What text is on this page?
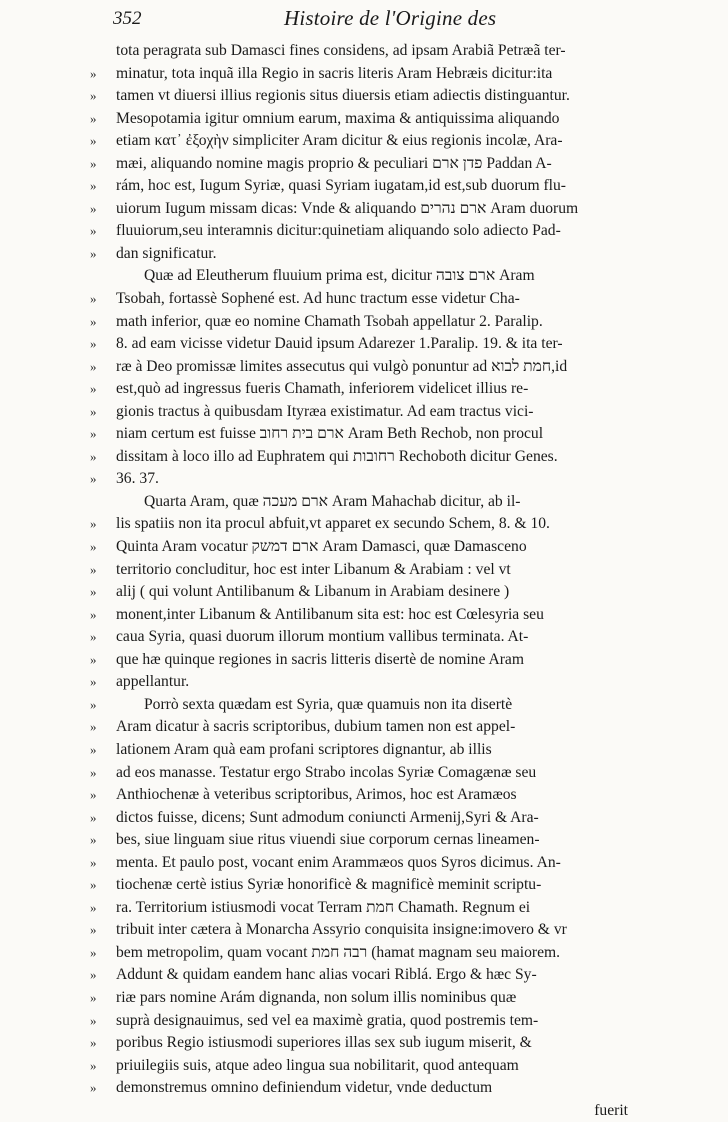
352	Histoire de l'Origine des
tota peragrata sub Damasci fines considens, ad ipsam Arabiã Petræã ter-
»	minatur, tota inquã illa Regio in sacris literis Aram Hebræis dicitur:ita
»	tamen vt diuersi illius regionis situs diuersis etiam adiectis distinguantur.
»	Mesopotamia igitur omnium earum, maxima & antiquissima aliquando
»	etiam κατ᾽ ἐξοχὴν simpliciter Aram dicitur & eius regionis incolæ, Ara-
»	mæi, aliquando nomine magis proprio & peculiari פדן ארם Paddan A-
»	rám, hoc est, Iugum Syriæ, quasi Syriam iugatam,id est,sub duorum flu-
»	uiorum Iugum missam dicas: Vnde & aliquando ארם נהרים Aram duorum
»	fluuiorum,seu interamnis dicitur:quinetiam aliquando solo adiecto Pad-
»	dan significatur.
Quæ ad Eleutherum fluuium prima est, dicitur ארם צובה Aram
»	Tsobah, fortassè Sophené est. Ad hunc tractum esse videtur Cha-
»	math inferior, quæ eo nomine Chamath Tsobah appellatur 2. Paralip.
»	8. ad eam vicisse videtur Dauid ipsum Adarezer 1.Paralip. 19. & ita ter-
»	ræ à Deo promissæ limites assecutus qui vulgò ponuntur ad חמת לבוא,id
»	est,quò ad ingressus fueris Chamath, inferiorem videlicet illius re-
»	gionis tractus à quibusdam Ityræa existimatur. Ad eam tractus vici-
»	niam certum est fuisse ארם בית רחוב Aram Beth Rechob, non procul
»	dissitam à loco illo ad Euphratem qui רחובות Rechoboth dicitur Genes.
»	36. 37.
Quarta Aram, quæ ארם מעכה Aram Mahachab dicitur, ab il-
»	lis spatiis non ita procul abfuit,vt apparet ex secundo Schem, 8. & 10.
»	Quinta Aram vocatur ארם דמשק Aram Damasci, quæ Damasceno
»	territorio concluditur, hoc est inter Libanum & Arabiam : vel vt
»	alij ( qui volunt Antilibanum & Libanum in Arabiam desinere )
»	monent,inter Libanum & Antilibanum sita est: hoc est Cœlesyria seu
»	caua Syria, quasi duorum illorum montium vallibus terminata. At-
»	que hæ quinque regiones in sacris litteris disertè de nomine Aram
»	appellantur.
»	Porrò sexta quædam est Syria, quæ quamuis non ita disertè
»	Aram dicatur à sacris scriptoribus, dubium tamen non est appel-
»	lationem Aram quà eam profani scriptores dignantur, ab illis
»	ad eos manasse. Testatur ergo Strabo incolas Syriæ Comagænæ seu
»	Anthiochenæ à veteribus scriptoribus, Arimos, hoc est Aramæos
»	dictos fuisse, dicens; Sunt admodum coniuncti Armenij,Syri & Ara-
»	bes, siue linguam siue ritus viuendi siue corporum cernas lineamen-
»	menta. Et paulo post, vocant enim Arammæos quos Syros dicimus. An-
»	tiochenæ certè istius Syriæ honorificè & magnificè meminit scriptu-
»	ra. Territorium istiusmodi vocat Terram חמת Chamath. Regnum ei
»	tribuit inter cætera à Monarcha Assyrio conquisita insigne:imovero & vr
»	bem metropolim, quam vocant רבה חמת (hamat magnam seu maiorem.
»	Addunt & quidam eandem hanc alias vocari Riblá. Ergo & hæc Sy-
»	riæ pars nomine Arám dignanda, non solum illis nominibus quæ
»	suprà designauimus, sed vel ea maximè gratia, quod postremis tem-
»	poribus Regio istiusmodi superiores illas sex sub iugum miserit, &
»	priuilegiis suis, atque adeo lingua sua nobilitarit, quod antequam
»	demonstremus omnino definiendum videtur, vnde deductum
fuerit
